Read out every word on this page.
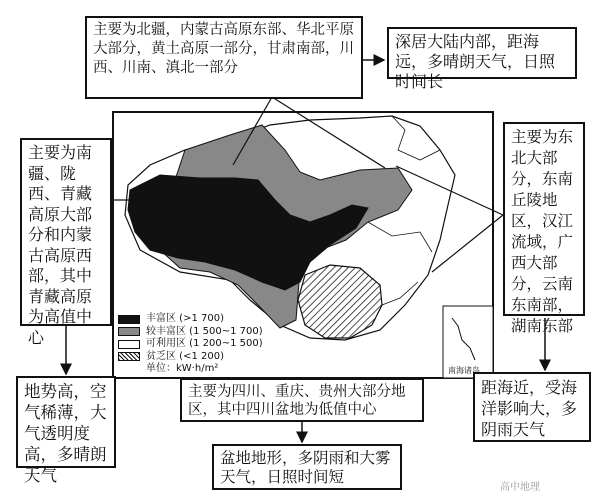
主要为北疆，内蒙古高原东部、华北平原大部分，黄土高原一部分，甘肃南部，川西、川南、滇北一部分
深居大陆内部，距海远，多晴朗天气，日照时间长
主要为南疆、陇西、青藏高原大部分和内蒙古高原西部，其中青藏高原为高值中心
地势高，空气稀薄，大气透明度高，多晴朗天气
主要为东北大部分，东南丘陵地区，汉江流域，广西大部分，云南东南部，湖南东部
距海近，受海洋影响大，多阴雨天气
主要为四川、重庆、贵州大部分地区，其中四川盆地为低值中心
盆地地形，多阴雨和大雾天气，日照时间短
丰富区 (>1 700)
较丰富区 (1 500~1 700)
可利用区 (1 200~1 500)
贫乏区 (<1 200)
单位：kW·h/m²	南海诸岛
高中地理
